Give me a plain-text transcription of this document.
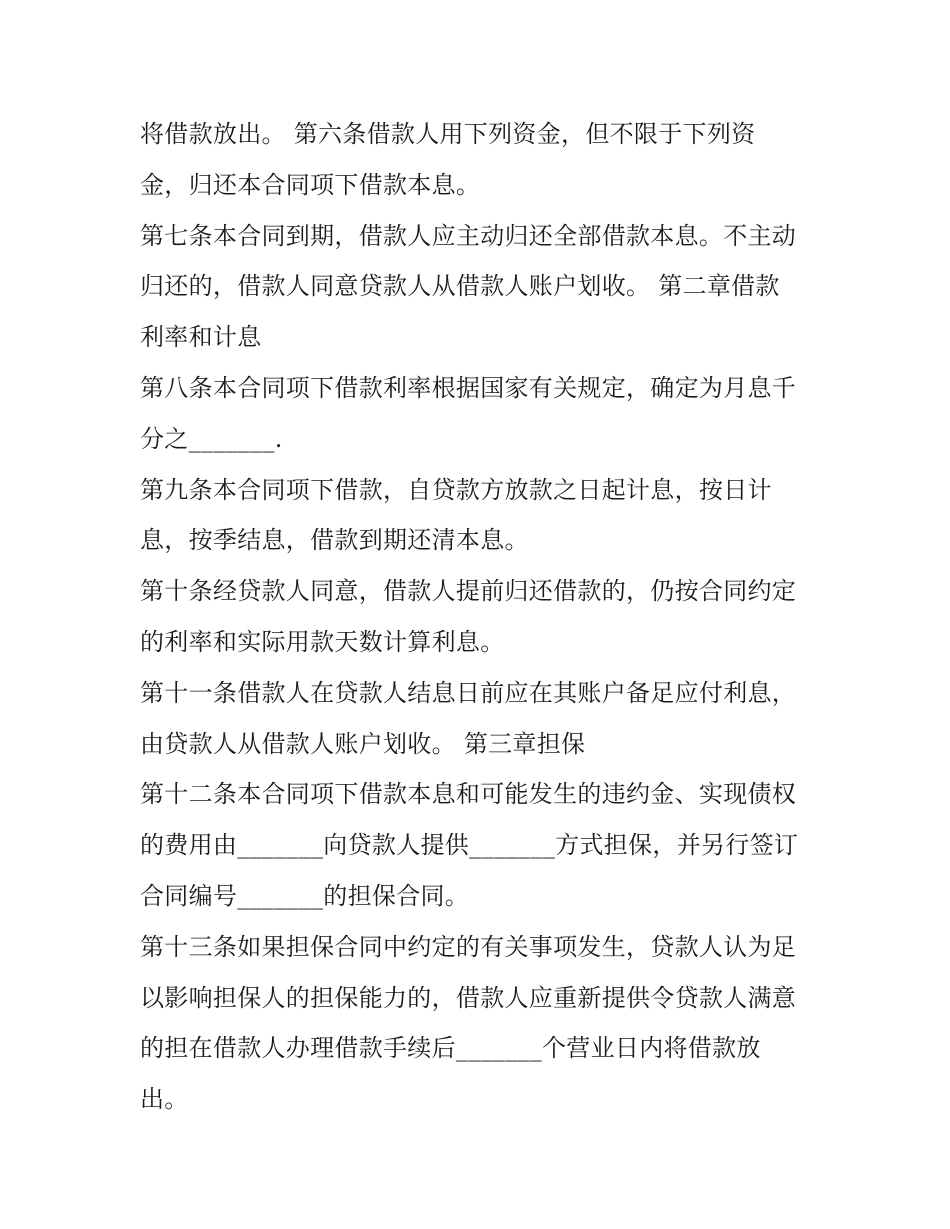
将借款放出。 第六条借款人用下列资金，但不限于下列资
金，归还本合同项下借款本息。
第七条本合同到期，借款人应主动归还全部借款本息。不主动
归还的，借款人同意贷款人从借款人账户划收。 第二章借款
利率和计息
第八条本合同项下借款利率根据国家有关规定，确定为月息千
分之_______.
第九条本合同项下借款，自贷款方放款之日起计息，按日计
息，按季结息，借款到期还清本息。
第十条经贷款人同意，借款人提前归还借款的，仍按合同约定
的利率和实际用款天数计算利息。
第十一条借款人在贷款人结息日前应在其账户备足应付利息，
由贷款人从借款人账户划收。 第三章担保
第十二条本合同项下借款本息和可能发生的违约金、实现债权
的费用由_______向贷款人提供_______方式担保，并另行签订
合同编号_______的担保合同。
第十三条如果担保合同中约定的有关事项发生，贷款人认为足
以影响担保人的担保能力的，借款人应重新提供令贷款人满意
的担在借款人办理借款手续后_______个营业日内将借款放
出。
